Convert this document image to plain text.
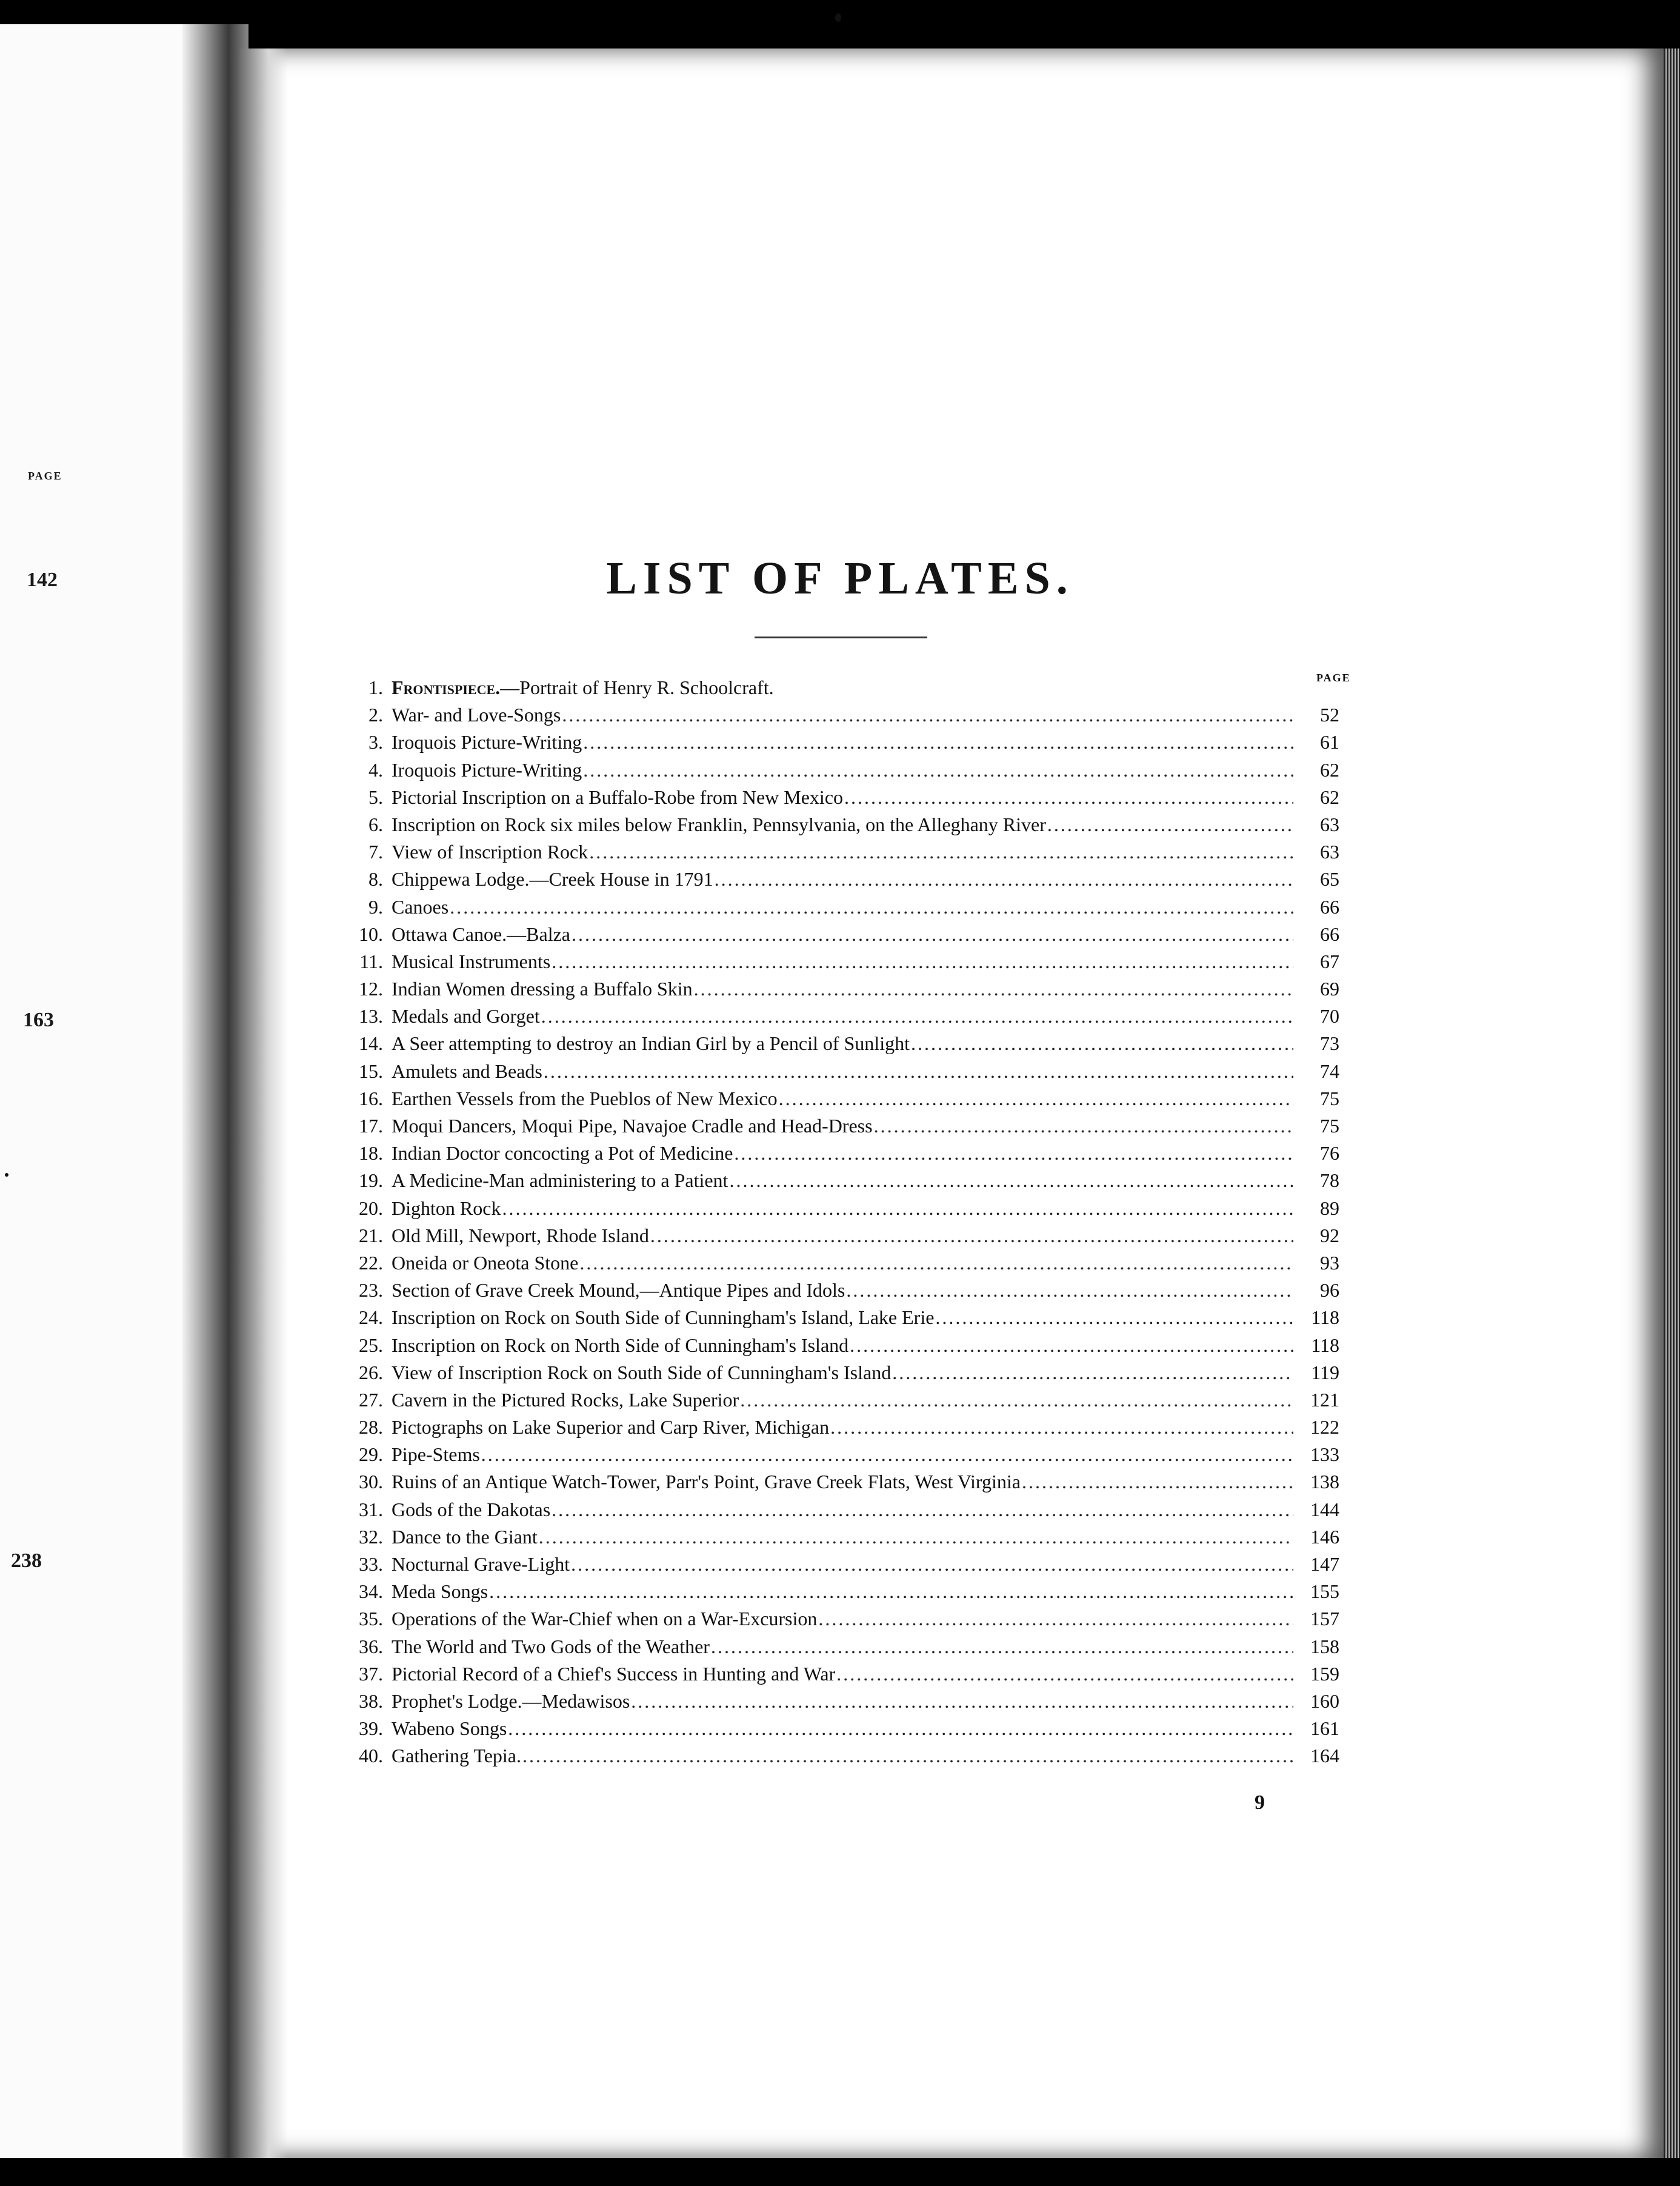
PAGE
142
163
238
LIST OF PLATES.
PAGE
1. Frontispiece.—Portrait of Henry R. Schoolcraft.
2. War- and Love-Songs .....	52
3. Iroquois Picture-Writing .....	61
4. Iroquois Picture-Writing .....	62
5. Pictorial Inscription on a Buffalo-Robe from New Mexico .....	62
6. Inscription on Rock six miles below Franklin, Pennsylvania, on the Alleghany River .....	63
7. View of Inscription Rock .....	63
8. Chippewa Lodge.—Creek House in 1791 .....	65
9. Canoes .....	66
10. Ottawa Canoe.—Balza .....	66
11. Musical Instruments .....	67
12. Indian Women dressing a Buffalo Skin .....	69
13. Medals and Gorget .....	70
14. A Seer attempting to destroy an Indian Girl by a Pencil of Sunlight .....	73
15. Amulets and Beads .....	74
16. Earthen Vessels from the Pueblos of New Mexico .....	75
17. Moqui Dancers, Moqui Pipe, Navajoe Cradle and Head-Dress .....	75
18. Indian Doctor concocting a Pot of Medicine .....	76
19. A Medicine-Man administering to a Patient .....	78
20. Dighton Rock .....	89
21. Old Mill, Newport, Rhode Island .....	92
22. Oneida or Oneota Stone .....	93
23. Section of Grave Creek Mound,—Antique Pipes and Idols .....	96
24. Inscription on Rock on South Side of Cunningham's Island, Lake Erie .....	118
25. Inscription on Rock on North Side of Cunningham's Island .....	118
26. View of Inscription Rock on South Side of Cunningham's Island .....	119
27. Cavern in the Pictured Rocks, Lake Superior .....	121
28. Pictographs on Lake Superior and Carp River, Michigan .....	122
29. Pipe-Stems .....	133
30. Ruins of an Antique Watch-Tower, Parr's Point, Grave Creek Flats, West Virginia .....	138
31. Gods of the Dakotas .....	144
32. Dance to the Giant .....	146
33. Nocturnal Grave-Light .....	147
34. Meda Songs .....	155
35. Operations of the War-Chief when on a War-Excursion .....	157
36. The World and Two Gods of the Weather .....	158
37. Pictorial Record of a Chief's Success in Hunting and War .....	159
38. Prophet's Lodge.—Medawisos .....	160
39. Wabeno Songs .....	161
40. Gathering Tepia. .....	164
9
